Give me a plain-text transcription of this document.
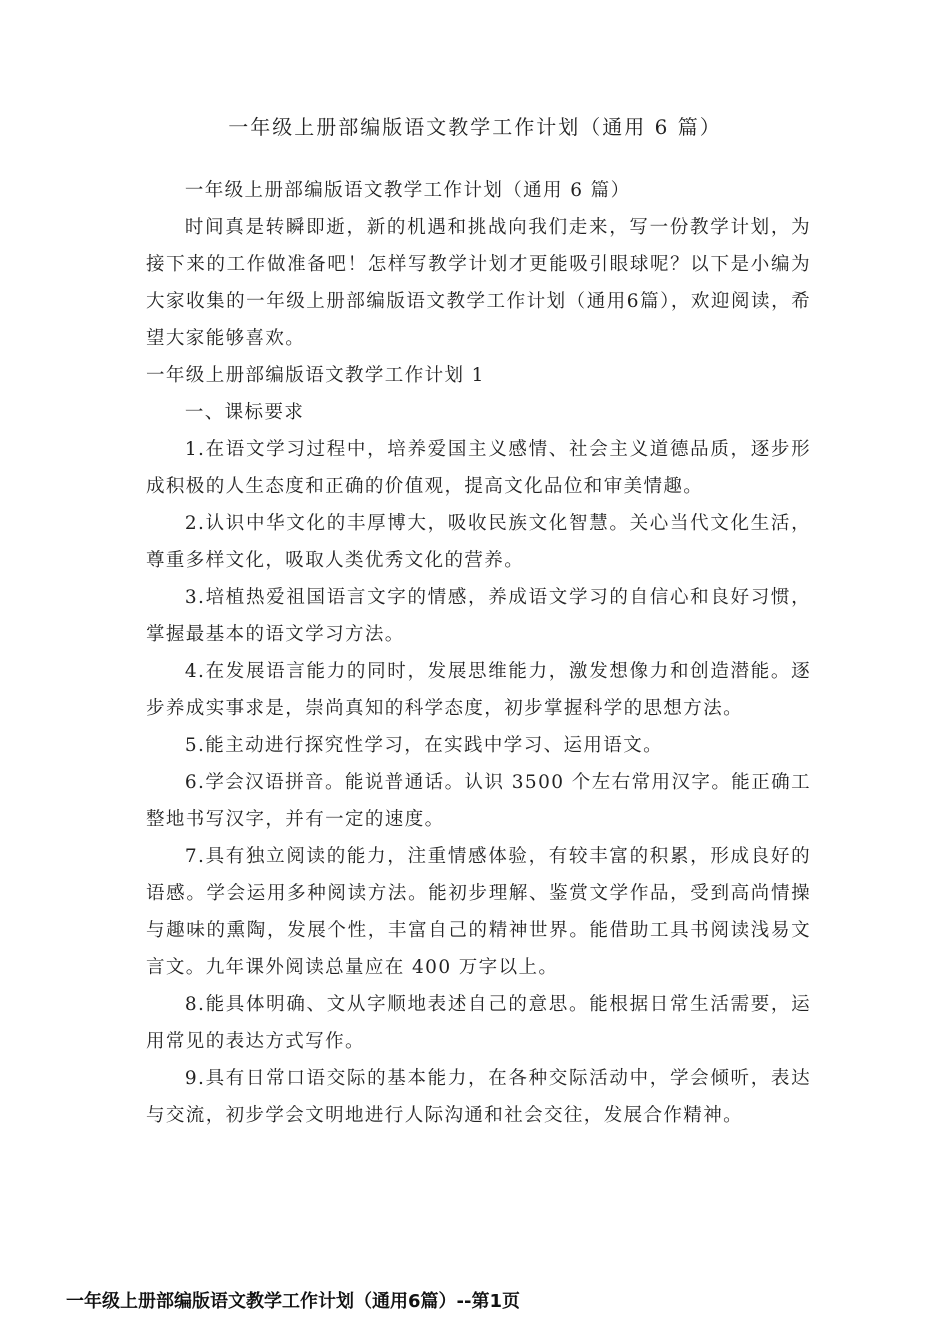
一年级上册部编版语文教学工作计划（通用 6 篇）

一年级上册部编版语文教学工作计划（通用 6 篇）

时间真是转瞬即逝，新的机遇和挑战向我们走来，写一份教学计划，为接下来的工作做准备吧！怎样写教学计划才更能吸引眼球呢？以下是小编为大家收集的一年级上册部编版语文教学工作计划（通用6篇），欢迎阅读，希望大家能够喜欢。

一年级上册部编版语文教学工作计划 1

一、课标要求

1.在语文学习过程中，培养爱国主义感情、社会主义道德品质，逐步形成积极的人生态度和正确的价值观，提高文化品位和审美情趣。

2.认识中华文化的丰厚博大，吸收民族文化智慧。关心当代文化生活，尊重多样文化，吸取人类优秀文化的营养。

3.培植热爱祖国语言文字的情感，养成语文学习的自信心和良好习惯，掌握最基本的语文学习方法。

4.在发展语言能力的同时，发展思维能力，激发想像力和创造潜能。逐步养成实事求是，崇尚真知的科学态度，初步掌握科学的思想方法。

5.能主动进行探究性学习，在实践中学习、运用语文。

6.学会汉语拼音。能说普通话。认识 3500 个左右常用汉字。能正确工整地书写汉字，并有一定的速度。

7.具有独立阅读的能力，注重情感体验，有较丰富的积累，形成良好的语感。学会运用多种阅读方法。能初步理解、鉴赏文学作品，受到高尚情操与趣味的熏陶，发展个性，丰富自己的精神世界。能借助工具书阅读浅易文言文。九年课外阅读总量应在 400 万字以上。

8.能具体明确、文从字顺地表述自己的意思。能根据日常生活需要，运用常见的表达方式写作。

9.具有日常口语交际的基本能力，在各种交际活动中，学会倾听，表达与交流，初步学会文明地进行人际沟通和社会交往，发展合作精神。

一年级上册部编版语文教学工作计划（通用6篇）--第1页
